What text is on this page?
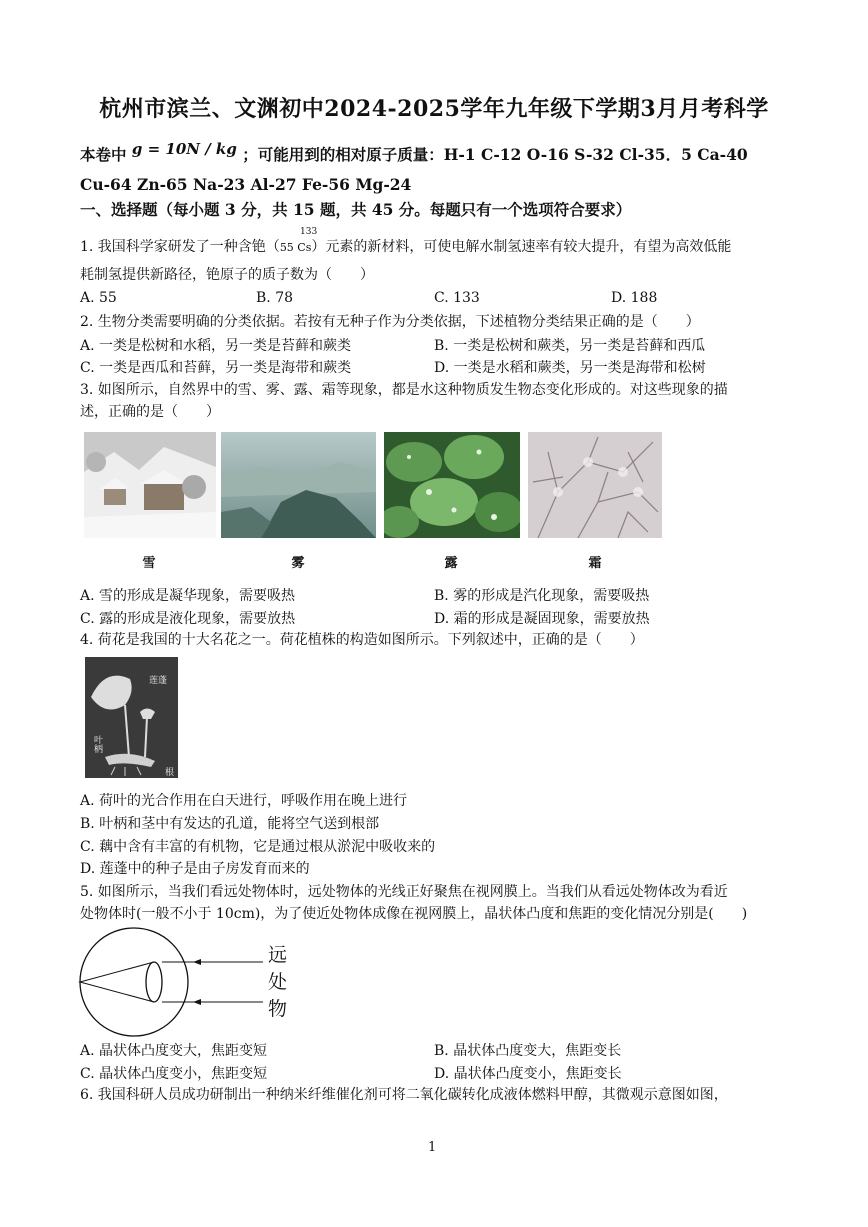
杭州市滨兰、文渊初中2024-2025学年九年级下学期3月月考科学
本卷中 g = 10N / kg ；可能用到的相对原子质量：H-1 C-12 O-16 S-32 Cl-35．5 Ca-40
Cu-64 Zn-65 Na-23 Al-27 Fe-56 Mg-24
一、选择题（每小题 3 分，共 15 题，共 45 分。每题只有一个选项符合要求）
133
1. 我国科学家研发了一种含铯（55 Cs）元素的新材料，可使电解水制氢速率有较大提升，有望为高效低能
耗制氢提供新路径，铯原子的质子数为（　　）
A. 55	B. 78	C. 133	D. 188
2. 生物分类需要明确的分类依据。若按有无种子作为分类依据，下述植物分类结果正确的是（　　）
A. 一类是松树和水稻，另一类是苔藓和蕨类	B. 一类是松树和蕨类，另一类是苔藓和西瓜
C. 一类是西瓜和苔藓，另一类是海带和蕨类	D. 一类是水稻和蕨类，另一类是海带和松树
3. 如图所示，自然界中的雪、雾、露、霜等现象，都是水这种物质发生物态变化形成的。对这些现象的描
述，正确的是（　　）
雪	雾	露	霜
A. 雪的形成是凝华现象，需要吸热	B. 雾的形成是汽化现象，需要吸热
C. 露的形成是液化现象，需要放热	D. 霜的形成是凝固现象，需要放热
4. 荷花是我国的十大名花之一。荷花植株的构造如图所示。下列叙述中，正确的是（　　）
莲蓬
叶柄
根
A. 荷叶的光合作用在白天进行，呼吸作用在晚上进行
B. 叶柄和茎中有发达的孔道，能将空气送到根部
C. 藕中含有丰富的有机物，它是通过根从淤泥中吸收来的
D. 莲蓬中的种子是由子房发育而来的
5. 如图所示，当我们看远处物体时，远处物体的光线正好聚焦在视网膜上。当我们从看远处物体改为看近
处物体时(一般不小于 10cm)，为了使近处物体成像在视网膜上，晶状体凸度和焦距的变化情况分别是(　　)
远
处
物
A. 晶状体凸度变大，焦距变短	B. 晶状体凸度变大，焦距变长
C. 晶状体凸度变小，焦距变短	D. 晶状体凸度变小，焦距变长
6. 我国科研人员成功研制出一种纳米纤维催化剂可将二氧化碳转化成液体燃料甲醇，其微观示意图如图，
1
